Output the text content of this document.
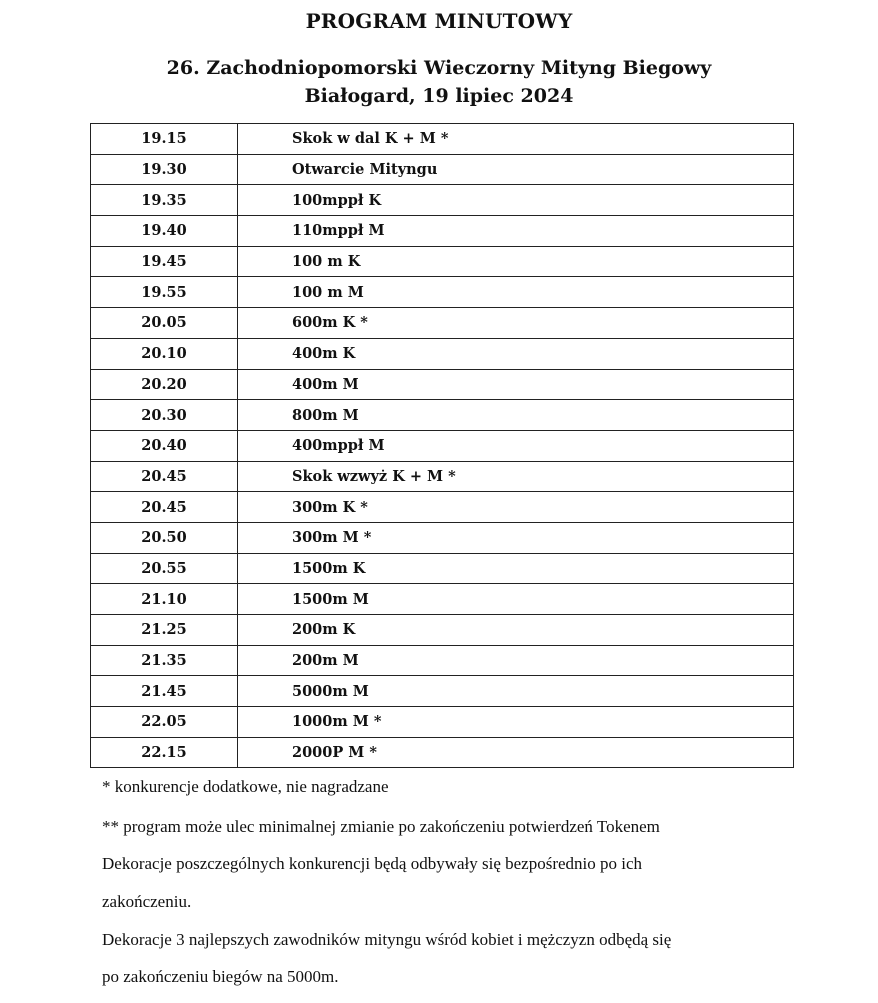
PROGRAM MINUTOWY
26. Zachodniopomorski Wieczorny Mityng Biegowy
Białogard, 19 lipiec 2024
19.15	Skok w dal K + M *
19.30	Otwarcie Mityngu
19.35	100mppł K
19.40	110mppł M
19.45	100 m K
19.55	100 m M
20.05	600m K *
20.10	400m K
20.20	400m M
20.30	800m M
20.40	400mppł M
20.45	Skok wzwyż K + M *
20.45	300m K *
20.50	300m M *
20.55	1500m K
21.10	1500m M
21.25	200m K
21.35	200m M
21.45	5000m M
22.05	1000m M *
22.15	2000P M *
* konkurencje dodatkowe, nie nagradzane
** program może ulec minimalnej zmianie po zakończeniu potwierdzeń Tokenem
Dekoracje poszczególnych konkurencji będą odbywały się bezpośrednio po ich
zakończeniu.
Dekoracje 3 najlepszych zawodników mityngu wśród kobiet i mężczyzn odbędą się
po zakończeniu biegów na 5000m.
